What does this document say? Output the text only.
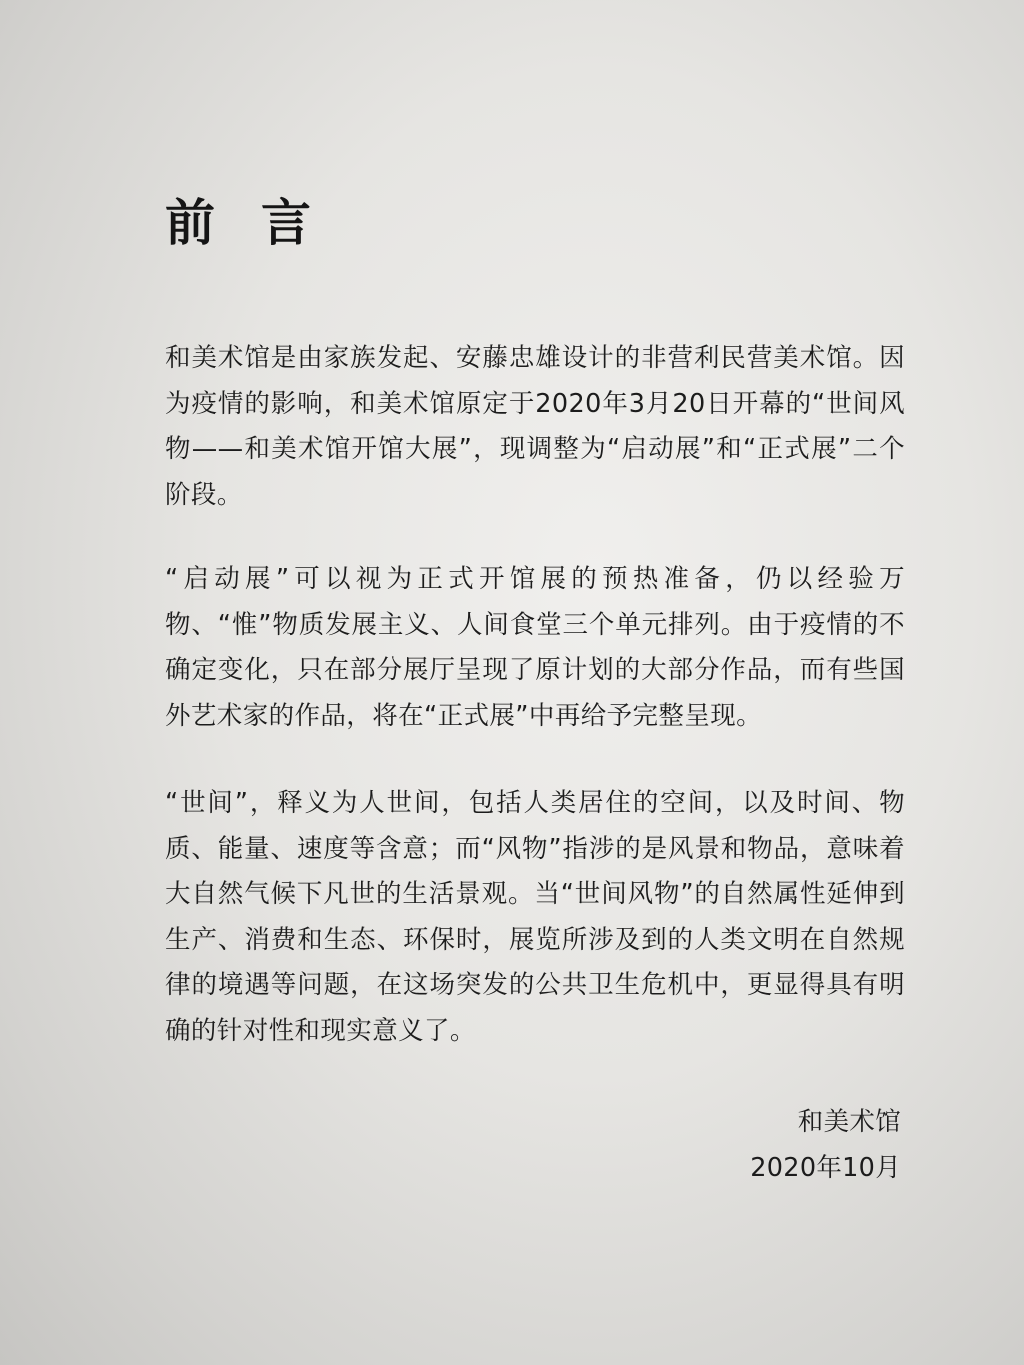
前言

和美术馆是由家族发起、安藤忠雄设计的非营利民营美术馆。因为疫情的影响，和美术馆原定于2020年3月20日开幕的“世间风物——和美术馆开馆大展”，现调整为“启动展”和“正式展”二个阶段。

“启动展”可以视为正式开馆展的预热准备，仍以经验万物、“惟”物质发展主义、人间食堂三个单元排列。由于疫情的不确定变化，只在部分展厅呈现了原计划的大部分作品，而有些国外艺术家的作品，将在“正式展”中再给予完整呈现。

“世间”，释义为人世间，包括人类居住的空间，以及时间、物质、能量、速度等含意；而“风物”指涉的是风景和物品，意味着大自然气候下凡世的生活景观。当“世间风物”的自然属性延伸到生产、消费和生态、环保时，展览所涉及到的人类文明在自然规律的境遇等问题，在这场突发的公共卫生危机中，更显得具有明确的针对性和现实意义了。

和美术馆
2020年10月
